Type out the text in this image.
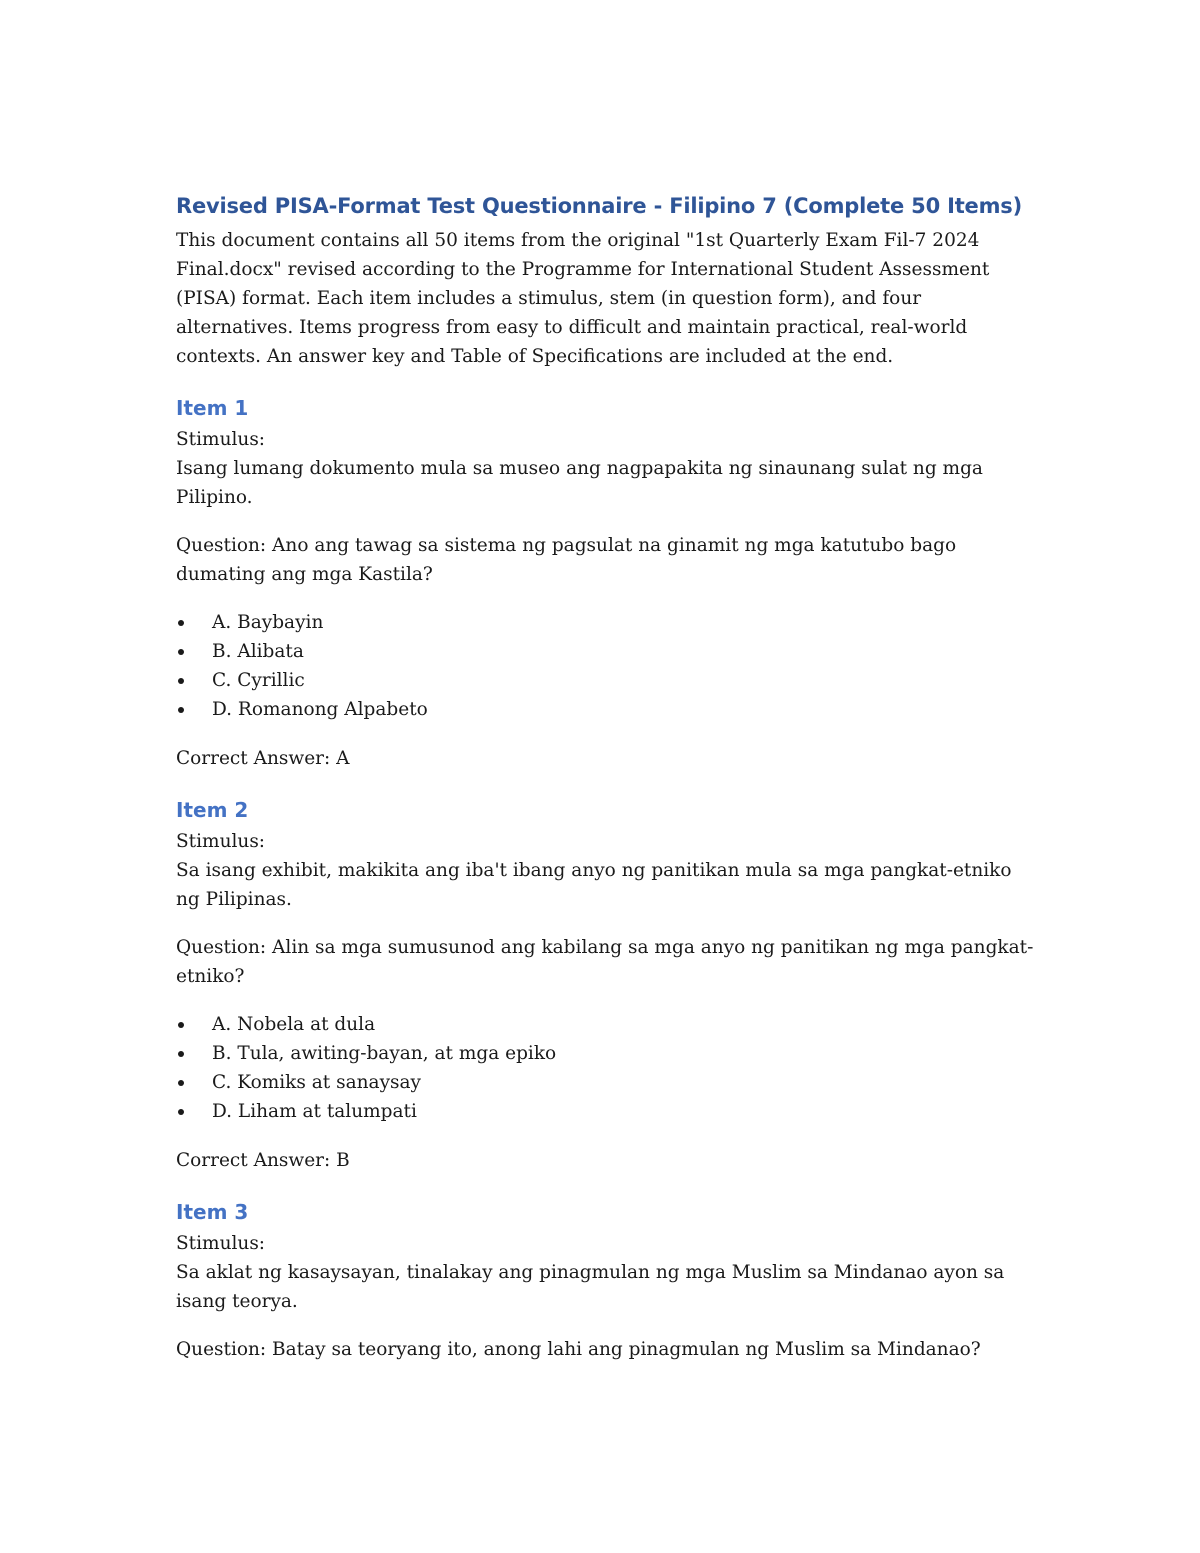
Revised PISA-Format Test Questionnaire - Filipino 7 (Complete 50 Items)

This document contains all 50 items from the original "1st Quarterly Exam Fil-7 2024 Final.docx" revised according to the Programme for International Student Assessment (PISA) format. Each item includes a stimulus, stem (in question form), and four alternatives. Items progress from easy to difficult and maintain practical, real-world contexts. An answer key and Table of Specifications are included at the end.

Item 1

Stimulus:

Isang lumang dokumento mula sa museo ang nagpapakita ng sinaunang sulat ng mga Pilipino.

Question: Ano ang tawag sa sistema ng pagsulat na ginamit ng mga katutubo bago dumating ang mga Kastila?

A. Baybayin
B. Alibata
C. Cyrillic
D. Romanong Alpabeto

Correct Answer: A

Item 2

Stimulus:

Sa isang exhibit, makikita ang iba't ibang anyo ng panitikan mula sa mga pangkat-etniko ng Pilipinas.

Question: Alin sa mga sumusunod ang kabilang sa mga anyo ng panitikan ng mga pangkat-etniko?

A. Nobela at dula
B. Tula, awiting-bayan, at mga epiko
C. Komiks at sanaysay
D. Liham at talumpati

Correct Answer: B

Item 3

Stimulus:

Sa aklat ng kasaysayan, tinalakay ang pinagmulan ng mga Muslim sa Mindanao ayon sa isang teorya.

Question: Batay sa teoryang ito, anong lahi ang pinagmulan ng Muslim sa Mindanao?
